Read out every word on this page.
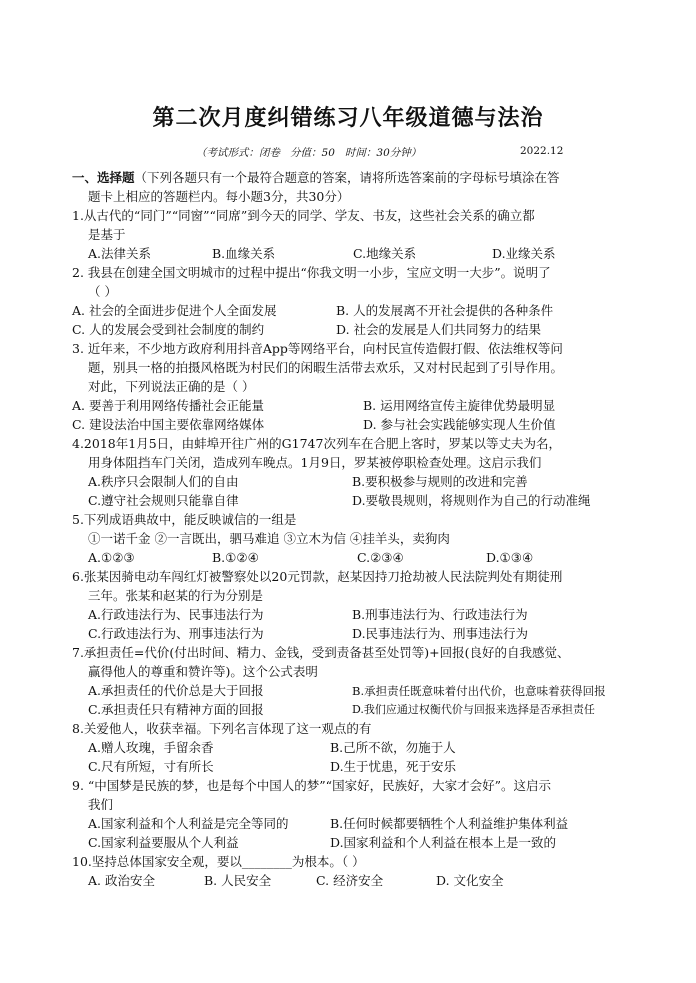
第二次月度纠错练习八年级道德与法治
（考试形式：闭卷   分值：50   时间：30分钟）	2022.12
一、选择题（下列各题只有一个最符合题意的答案，请将所选答案前的字母标号填涂在答
题卡上相应的答题栏内。每小题3分，共30分）
1.从古代的“同门”“同窗”“同席”到今天的同学、学友、书友，这些社会关系的确立都
是基于
A.法律关系	B.血缘关系	C.地缘关系	D.业缘关系
2. 我县在创建全国文明城市的过程中提出“你我文明一小步，宝应文明一大步”。说明了
（ ）
A. 社会的全面进步促进个人全面发展	B. 人的发展离不开社会提供的各种条件
C. 人的发展会受到社会制度的制约	D. 社会的发展是人们共同努力的结果
3. 近年来，不少地方政府利用抖音App等网络平台，向村民宣传造假打假、依法维权等问
题，别具一格的拍摄风格既为村民们的闲暇生活带去欢乐，又对村民起到了引导作用。
对此，下列说法正确的是（ ）
A. 要善于利用网络传播社会正能量	B. 运用网络宣传主旋律优势最明显
C. 建设法治中国主要依靠网络媒体	D. 参与社会实践能够实现人生价值
4.2018年1月5日，由蚌埠开往广州的G1747次列车在合肥上客时，罗某以等丈夫为名，
用身体阻挡车门关闭，造成列车晚点。1月9日，罗某被停职检查处理。这启示我们
A.秩序只会限制人们的自由	B.要积极参与规则的改进和完善
C.遵守社会规则只能靠自律	D.要敬畏规则，将规则作为自己的行动准绳
5.下列成语典故中，能反映诚信的一组是
①一诺千金 ②一言既出，驷马难追 ③立木为信 ④挂羊头，卖狗肉
A.①②③	B.①②④	C.②③④	D.①③④
6.张某因骑电动车闯红灯被警察处以20元罚款，赵某因持刀抢劫被人民法院判处有期徒刑
三年。张某和赵某的行为分别是
A.行政违法行为、民事违法行为	B.刑事违法行为、行政违法行为
C.行政违法行为、刑事违法行为	D.民事违法行为、刑事违法行为
7.承担责任=代价(付出时间、精力、金钱，受到责备甚至处罚等)+回报(良好的自我感觉、
赢得他人的尊重和赞许等)。这个公式表明
A.承担责任的代价总是大于回报	B.承担责任既意味着付出代价，也意味着获得回报
C.承担责任只有精神方面的回报	D.我们应通过权衡代价与回报来选择是否承担责任
8.关爱他人，收获幸福。下列名言体现了这一观点的有
A.赠人玫瑰，手留余香	B.己所不欲，勿施于人
C.尺有所短，寸有所长	D.生于忧患，死于安乐
9. “中国梦是民族的梦，也是每个中国人的梦”“国家好，民族好，大家才会好”。这启示
我们
A.国家利益和个人利益是完全等同的	B.任何时候都要牺牲个人利益维护集体利益
C.国家利益要服从个人利益	D.国家利益和个人利益在根本上是一致的
10.坚持总体国家安全观，要以________为根本。（ ）
A. 政治安全	B. 人民安全	C. 经济安全	D. 文化安全
